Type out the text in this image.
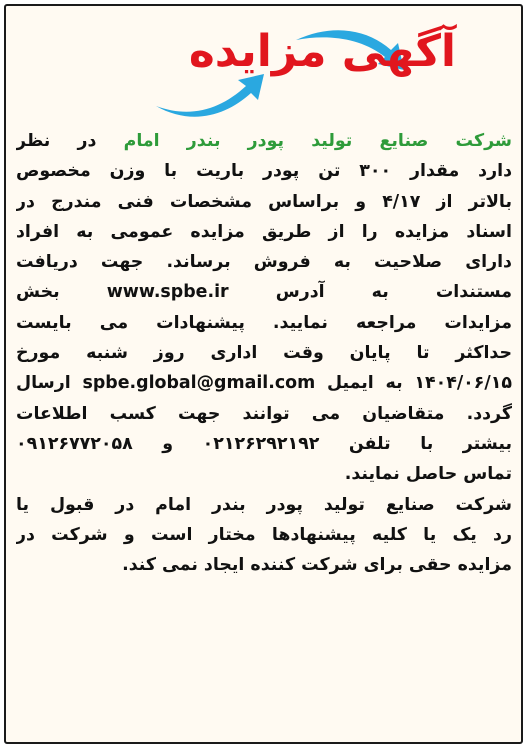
آگهی مزایده
شرکت صنایع تولید پودر بندر امام در نظر
دارد مقدار ۳۰۰ تن پودر باریت با وزن مخصوص
بالاتر از ۴/۱۷ و براساس مشخصات فنی مندرج در
اسناد مزایده را از طریق مزایده عمومی به افراد
دارای صلاحیت به فروش برساند. جهت دریافت
مستندات به آدرس www.spbe.ir بخش
مزایدات مراجعه نمایید. پیشنهادات می بایست
حداکثر تا پایان وقت اداری روز شنبه مورخ
۱۴۰۴/۰۶/۱۵ به ایمیل spbe.global@gmail.com ارسال
گردد. متقاضیان می توانند جهت کسب اطلاعات
بیشتر با تلفن ۰۲۱۲۶۲۹۲۱۹۲ و ۰۹۱۲۶۷۷۲۰۵۸
تماس حاصل نمایند.
شرکت صنایع تولید پودر بندر امام در قبول یا
رد یک یا کلیه پیشنهادها مختار است و شرکت در
مزایده حقی برای شرکت کننده ایجاد نمی کند.
